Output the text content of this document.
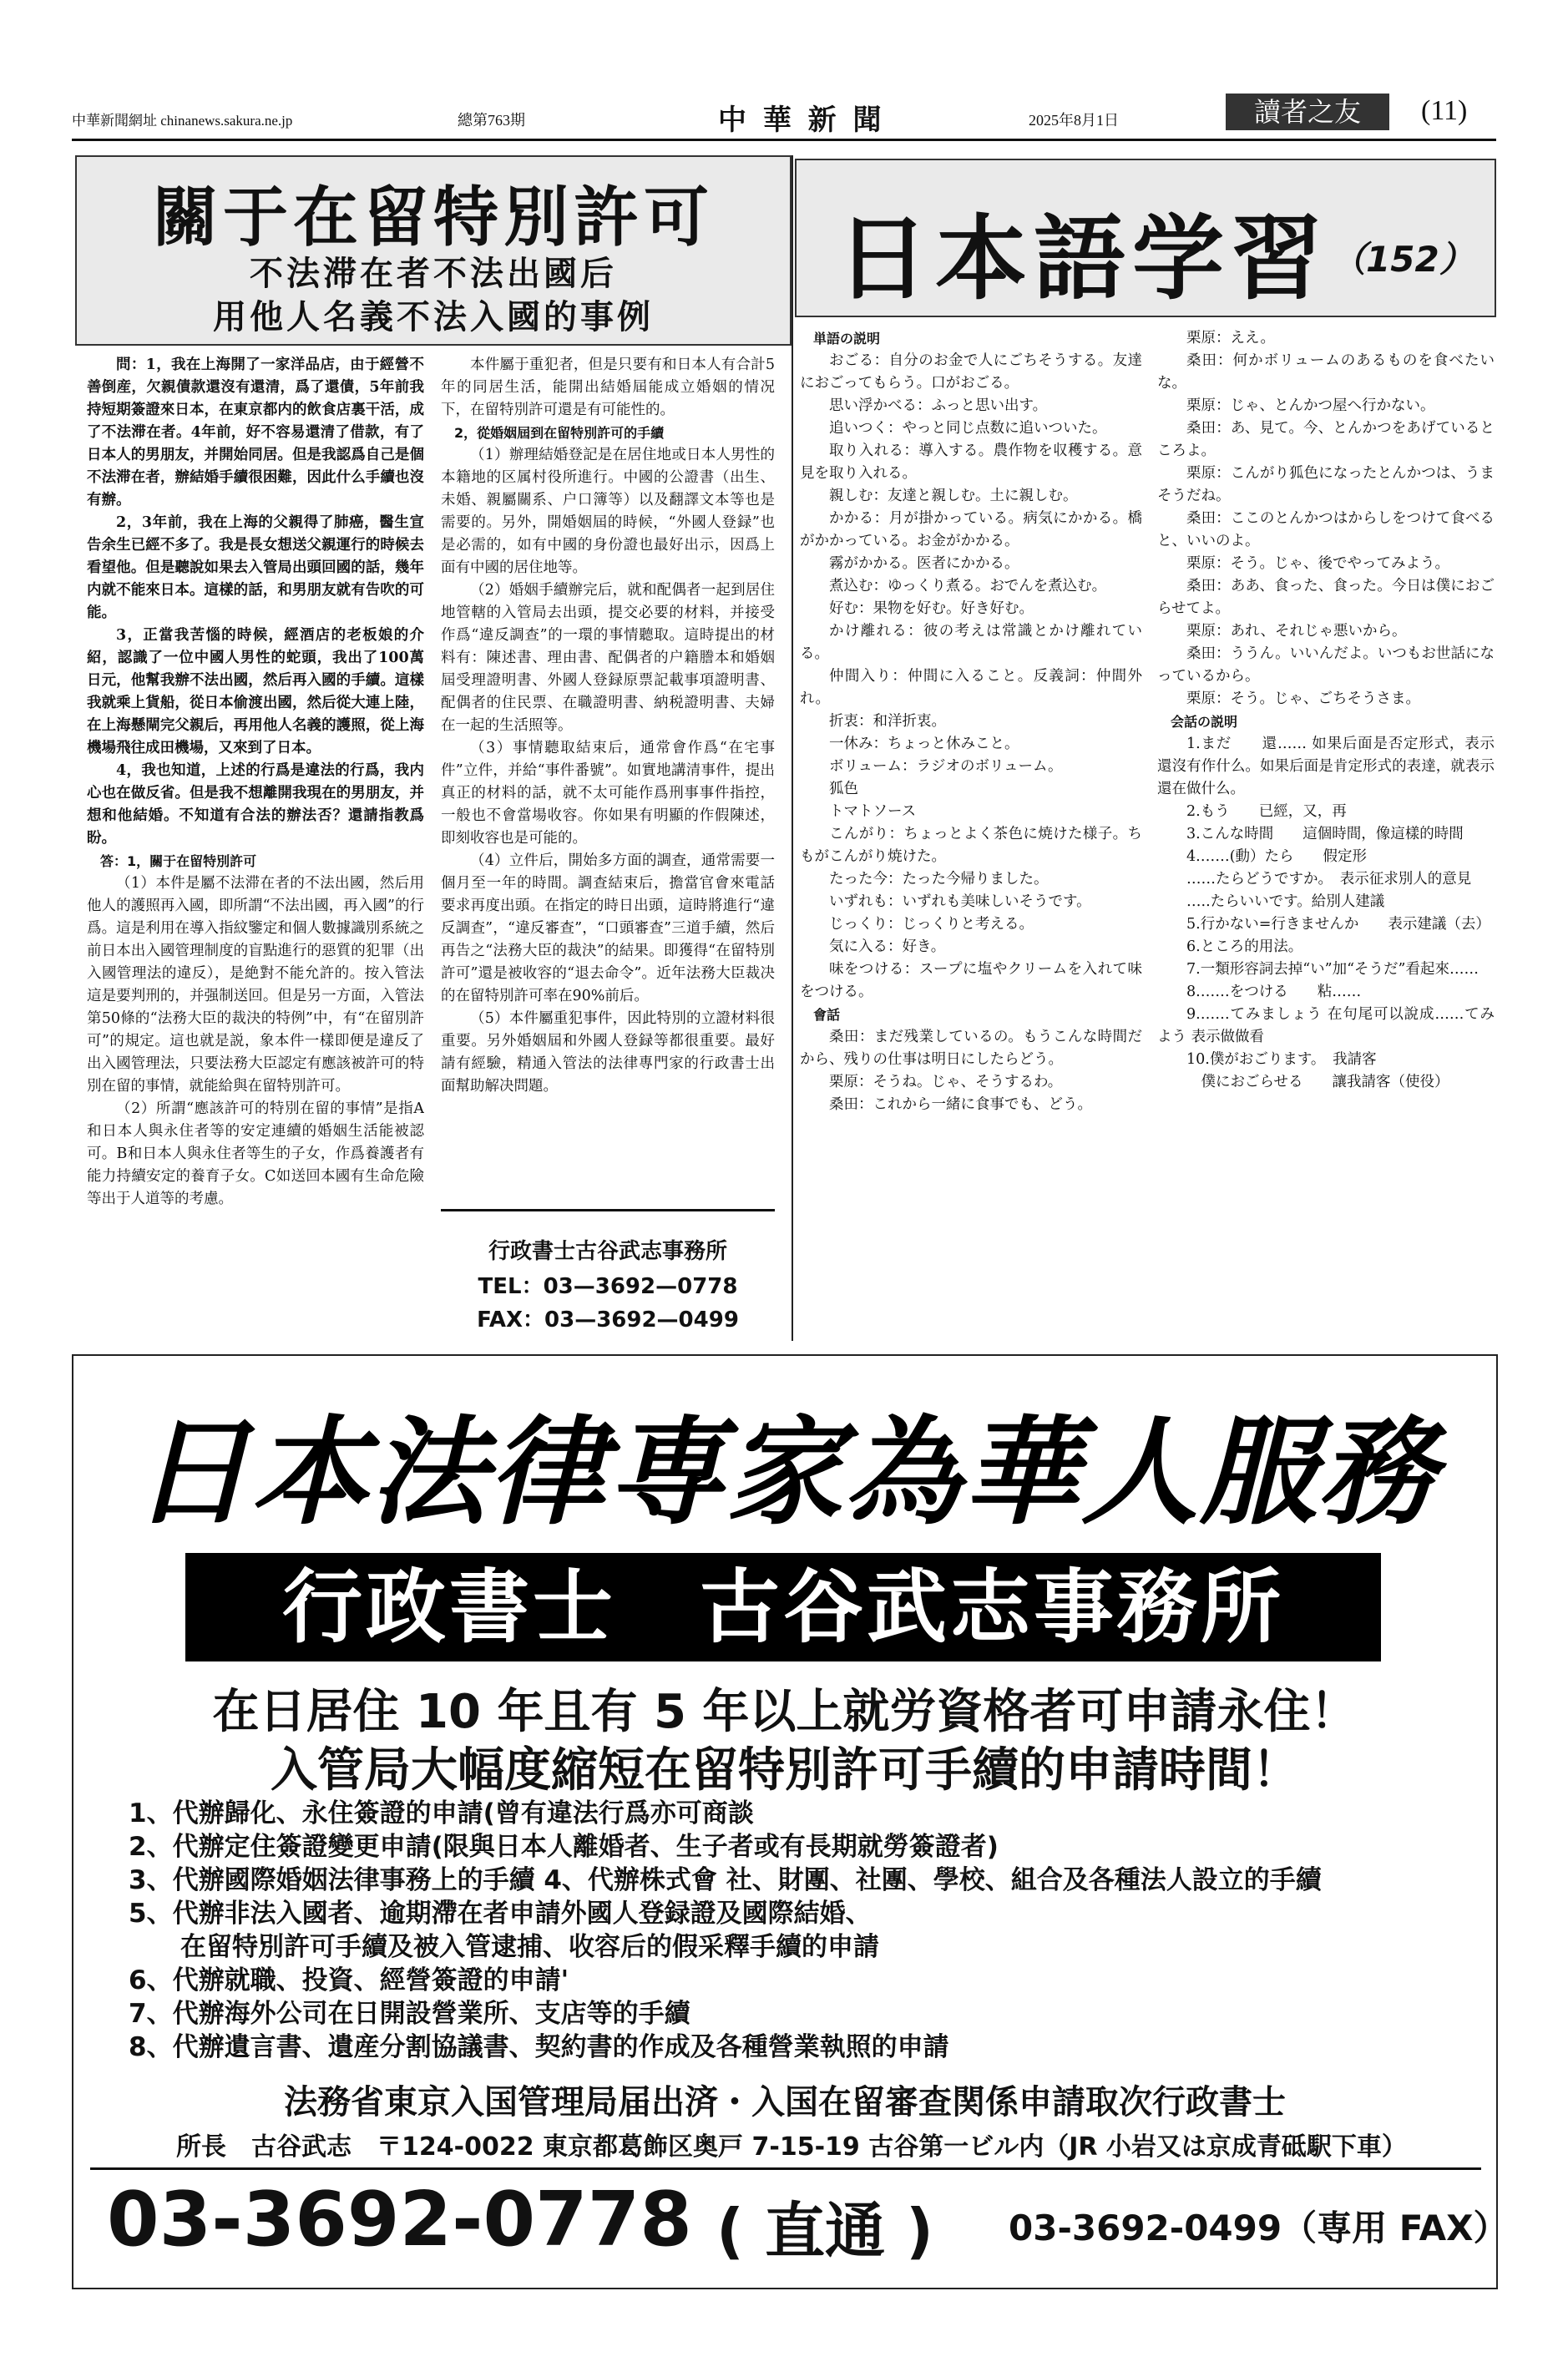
中華新聞網址 chinanews.sakura.ne.jp	總第763期	中 華 新 聞	2025年8月1日	讀者之友	(11)
關于在留特別許可
不法滞在者不法出國后
用他人名義不法入國的事例

問：1，我在上海開了一家洋品店，由于經營不善倒産，欠親債款還沒有還清，爲了還債，5年前我持短期簽證來日本，在東京都内的飲食店裏干活，成了不法滞在者。4年前，好不容易還清了借款，有了日本人的男朋友，并開始同居。但是我認爲自己是個不法滞在者，辦結婚手續很困難，因此什么手續也沒有辦。

2，3年前，我在上海的父親得了肺癌，醫生宣告余生已經不多了。我是長女想送父親運行的時候去看望他。但是聽說如果去入管局出頭回國的話，幾年内就不能來日本。這樣的話，和男朋友就有告吹的可能。

3，正當我苦惱的時候，經酒店的老板娘的介紹，認識了一位中國人男性的蛇頭，我出了100萬日元，他幫我辦不法出國，然后再入國的手續。這樣我就乘上貨船，從日本偷渡出國，然后從大連上陸，在上海懸閘完父親后，再用他人名義的護照，從上海機場飛往成田機場，又來到了日本。

4，我也知道，上述的行爲是違法的行爲，我内心也在做反省。但是我不想離開我現在的男朋友，并想和他結婚。不知道有合法的辦法否？還請指教爲盼。

答：1，關于在留特別許可

（1）本件是屬不法滞在者的不法出國，然后用他人的護照再入國，即所謂“不法出國，再入國”的行爲。這是利用在導入指紋鑒定和個人數據識別系統之前日本出入國管理制度的盲點進行的惡質的犯罪（出入國管理法的違反），是絶對不能允許的。按入管法這是要判刑的，并强制送回。但是另一方面，入管法第50條的“法務大臣的裁決的特例”中，有“在留別許可”的規定。這也就是説，象本件一樣即便是違反了出入國管理法，只要法務大臣認定有應該被許可的特別在留的事情，就能給與在留特別許可。

（2）所謂“應該許可的特別在留的事情”是指A和日本人與永住者等的安定連續的婚姻生活能被認可。B和日本人與永住者等生的子女，作爲養護者有能力持續安定的養育子女。C如送回本國有生命危險等出于人道等的考慮。

本件屬于重犯者，但是只要有和日本人有合計5年的同居生活，能開出結婚屆能成立婚姻的情况下，在留特別許可還是有可能性的。

2，從婚姻屆到在留特別許可的手續

（1）辦理結婚登記是在居住地或日本人男性的本籍地的区属村役所進行。中國的公證書（出生、未婚、親屬關系、户口簿等）以及翻譯文本等也是需要的。另外，開婚姻屆的時候，“外國人登録”也是必需的，如有中國的身份證也最好出示，因爲上面有中國的居住地等。

（2）婚姻手續辦完后，就和配偶者一起到居住地管轄的入管局去出頭，提交必要的材料，并接受作爲“違反調查”的一環的事情聽取。這時提出的材料有：陳述書、理由書、配偶者的户籍謄本和婚姻屆受理證明書、外國人登録原票記載事項證明書、配偶者的住民票、在職證明書、納税證明書、夫婦在一起的生活照等。

（3）事情聽取結束后，通常會作爲“在宅事件”立件，并給“事件番號”。如實地講清事件，提出真正的材料的話，就不太可能作爲刑事事件指控，一般也不會當場收容。你如果有明顯的作假陳述，即刻收容也是可能的。

（4）立件后，開始多方面的調查，通常需要一個月至一年的時間。調查結束后，擔當官會來電話要求再度出頭。在指定的時日出頭，這時將進行“違反調查”，“違反審查”，“口頭審查”三道手續，然后再告之“法務大臣的裁決”的結果。即獲得“在留特別許可”還是被收容的“退去命令”。近年法務大臣裁决的在留特別許可率在90%前后。

（5）本件屬重犯事件，因此特別的立證材料很重要。另外婚姻屆和外國人登録等都很重要。最好請有經驗，精通入管法的法律專門家的行政書士出面幫助解决問題。

行政書士古谷武志事務所
TEL：03—3692—0778
FAX：03—3692—0499
日本語学習 （152）

単語の説明

おごる：自分のお金で人にごちそうする。友達におごってもらう。口がおごる。

思い浮かべる：ふっと思い出す。

追いつく：やっと同じ点数に追いついた。

取り入れる：導入する。農作物を収穫する。意見を取り入れる。

親しむ：友達と親しむ。土に親しむ。

かかる：月が掛かっている。病気にかかる。橋がかかっている。お金がかかる。

霧がかかる。医者にかかる。

煮込む：ゆっくり煮る。おでんを煮込む。

好む：果物を好む。好き好む。

かけ離れる：彼の考えは常識とかけ離れている。

仲間入り：仲間に入ること。反義詞：仲間外れ。

折衷：和洋折衷。

一休み：ちょっと休みこと。

ボリューム：ラジオのボリューム。

狐色

トマトソース

こんがり：ちょっとよく茶色に焼けた様子。ちもがこんがり焼けた。

たった今：たった今帰りました。

いずれも：いずれも美味しいそうです。

じっくり：じっくりと考える。

気に入る：好き。

味をつける：スープに塩やクリームを入れて味をつける。

會話

桑田：まだ残業しているの。もうこんな時間だから、残りの仕事は明日にしたらどう。

栗原：そうね。じゃ、そうするわ。

桑田：これから一緒に食事でも、どう。

栗原：ええ。

桑田：何かボリュームのあるものを食べたいな。

栗原：じゃ、とんかつ屋へ行かない。

桑田：あ、見て。今、とんかつをあげているところよ。

栗原：こんがり狐色になったとんかつは、うまそうだね。

桑田：ここのとんかつはからしをつけて食べると、いいのよ。

栗原：そう。じゃ、後でやってみよう。

桑田：ああ、食った、食った。今日は僕におごらせてよ。

栗原：あれ、それじゃ悪いから。

桑田：ううん。いいんだよ。いつもお世話になっているから。

栗原：そう。じゃ、ごちそうさま。

会話の説明

1.まだ　　還…… 如果后面是否定形式，表示還沒有作什么。如果后面是肯定形式的表達，就表示還在做什么。

2.もう　　已經，又，再

3.こんな時間　　這個時間，像這樣的時間

4.……(動）たら　　假定形

……たらどうですか。　表示征求別人的意見

…..たらいいです。給別人建議

5.行かない=行きませんか　　表示建議（去）

6.ところ的用法。

7.一類形容詞去掉“い”加“そうだ”看起來……

8.……をつける　　粘……

9.……てみましょう 在句尾可以說成……てみよう 表示做做看

10.僕がおごります。　我請客

　僕におごらせる　　讓我請客（使役）

日本法律専家為華人服務
行政書士　古谷武志事務所
在日居住 10 年且有 5 年以上就労資格者可申請永住！
入管局大幅度縮短在留特別許可手續的申請時間！
1、代辦歸化、永住簽證的申請(曾有違法行爲亦可商談
2、代辦定住簽證變更申請(限與日本人離婚者、生子者或有長期就勞簽證者)
3、代辦國際婚姻法律事務上的手續 4、代辦株式會 社、財團、社團、學校、組合及各種法人設立的手續
5、代辦非法入國者、逾期滯在者申請外國人登録證及國際結婚、
　　在留特別許可手續及被入管逮捕、收容后的假采釋手續的申請
6、代辦就職、投資、經營簽證的申請'
7、代辦海外公司在日開設營業所、支店等的手續
8、代辦遺言書、遺産分割協議書、契約書的作成及各種營業執照的申請
法務省東京入国管理局届出済・入国在留審查関係申請取次行政書士
所長　古谷武志　〒124-0022 東京都葛飾区奥戸 7-15-19 古谷第一ビル内（JR 小岩又は京成青砥駅下車）
03-3692-0778 ( 直通 ) 03-3692-0499（専用 FAX）
